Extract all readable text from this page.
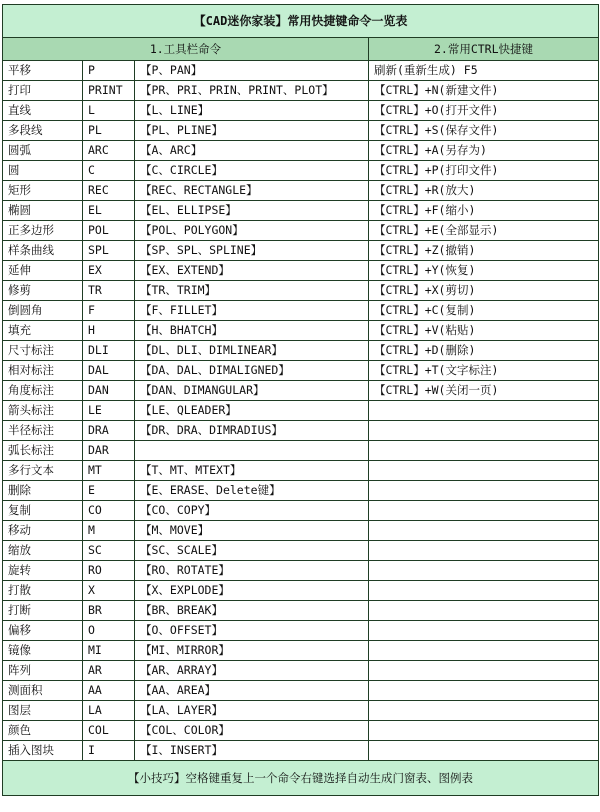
【CAD迷你家装】常用快捷键命令一览表			
1.工具栏命令			2.常用CTRL快捷键
平移	P	【P、PAN】	刷新(重新生成) F5
打印	PRINT	【PR、PRI、PRIN、PRINT、PLOT】	【CTRL】+N(新建文件)
直线	L	【L、LINE】	【CTRL】+O(打开文件)
多段线	PL	【PL、PLINE】	【CTRL】+S(保存文件)
圆弧	ARC	【A、ARC】	【CTRL】+A(另存为)
圆	C	【C、CIRCLE】	【CTRL】+P(打印文件)
矩形	REC	【REC、RECTANGLE】	【CTRL】+R(放大)
椭圆	EL	【EL、ELLIPSE】	【CTRL】+F(缩小)
正多边形	POL	【POL、POLYGON】	【CTRL】+E(全部显示)
样条曲线	SPL	【SP、SPL、SPLINE】	【CTRL】+Z(撤销)
延伸	EX	【EX、EXTEND】	【CTRL】+Y(恢复)
修剪	TR	【TR、TRIM】	【CTRL】+X(剪切)
倒圆角	F	【F、FILLET】	【CTRL】+C(复制)
填充	H	【H、BHATCH】	【CTRL】+V(粘贴)
尺寸标注	DLI	【DL、DLI、DIMLINEAR】	【CTRL】+D(删除)
相对标注	DAL	【DA、DAL、DIMALIGNED】	【CTRL】+T(文字标注)
角度标注	DAN	【DAN、DIMANGULAR】	【CTRL】+W(关闭一页)
箭头标注	LE	【LE、QLEADER】	
半径标注	DRA	【DR、DRA、DIMRADIUS】	
弧长标注	DAR		
多行文本	MT	【T、MT、MTEXT】	
删除	E	【E、ERASE、Delete键】	
复制	CO	【CO、COPY】	
移动	M	【M、MOVE】	
缩放	SC	【SC、SCALE】	
旋转	RO	【RO、ROTATE】	
打散	X	【X、EXPLODE】	
打断	BR	【BR、BREAK】	
偏移	O	【O、OFFSET】	
镜像	MI	【MI、MIRROR】	
阵列	AR	【AR、ARRAY】	
测面积	AA	【AA、AREA】	
图层	LA	【LA、LAYER】	
颜色	COL	【COL、COLOR】	
插入图块	I	【I、INSERT】	
【小技巧】空格键重复上一个命令右键选择自动生成门窗表、图例表			
